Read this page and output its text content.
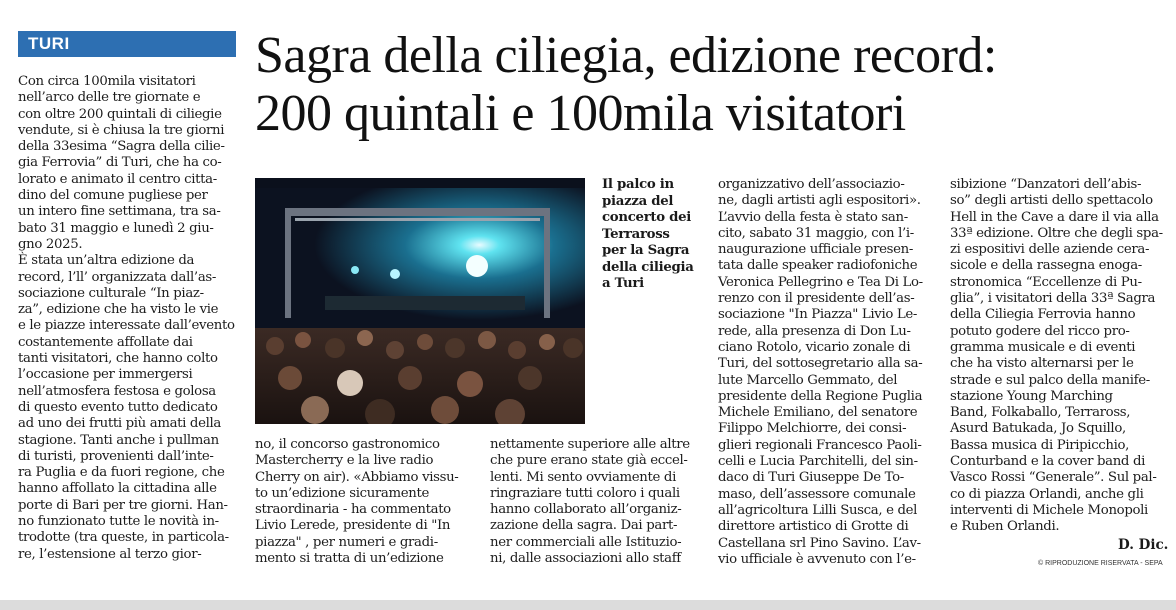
TURI	Sagra della ciliegia, edizione record:
200 quintali e 100mila visitatori
Con circa 100mila visitatori
nell’arco delle tre giornate e
con oltre 200 quintali di ciliegie
vendute, si è chiusa la tre giorni
della 33esima “Sagra della cilie-
gia Ferrovia” di Turi, che ha co-
lorato e animato il centro citta-
dino del comune pugliese per
un intero fine settimana, tra sa-
bato 31 maggio e lunedì 2 giu-
gno 2025.
È stata un’altra edizione da
record, l’ll’ organizzata dall’as-
sociazione culturale “In piaz-
za”, edizione che ha visto le vie
e le piazze interessate dall’evento
costantemente affollate dai
tanti visitatori, che hanno colto
l’occasione per immergersi
nell’atmosfera festosa e golosa
di questo evento tutto dedicato
ad uno dei frutti più amati della
stagione. Tanti anche i pullman
di turisti, provenienti dall’inte-
ra Puglia e da fuori regione, che
hanno affollato la cittadina alle
porte di Bari per tre giorni. Han-
no funzionato tutte le novità in-
trodotte (tra queste, in particola-
re, l’estensione al terzo gior-
Il palco in
piazza del
concerto dei
Terraross
per la Sagra
della ciliegia
a Turi
no, il concorso gastronomico
Mastercherry e la live radio
Cherry on air). «Abbiamo vissu-
to un’edizione sicuramente
straordinaria - ha commentato
Livio Lerede, presidente di "In
piazza" , per numeri e gradi-
mento si tratta di un’edizione
nettamente superiore alle altre
che pure erano state già eccel-
lenti. Mi sento ovviamente di
ringraziare tutti coloro i quali
hanno collaborato all’organiz-
zazione della sagra. Dai part-
ner commerciali alle Istituzio-
ni, dalle associazioni allo staff
organizzativo dell’associazio-
ne, dagli artisti agli espositori».
L’avvio della festa è stato san-
cito, sabato 31 maggio, con l’i-
naugurazione ufficiale presen-
tata dalle speaker radiofoniche
Veronica Pellegrino e Tea Di Lo-
renzo con il presidente dell’as-
sociazione "In Piazza" Livio Le-
rede, alla presenza di Don Lu-
ciano Rotolo, vicario zonale di
Turi, del sottosegretario alla sa-
lute Marcello Gemmato, del
presidente della Regione Puglia
Michele Emiliano, del senatore
Filippo Melchiorre, dei consi-
glieri regionali Francesco Paoli-
celli e Lucia Parchitelli, del sin-
daco di Turi Giuseppe De To-
maso, dell’assessore comunale
all’agricoltura Lilli Susca, e del
direttore artistico di Grotte di
Castellana srl Pino Savino. L’av-
vio ufficiale è avvenuto con l’e-
sibizione “Danzatori dell’abis-
so” degli artisti dello spettacolo
Hell in the Cave a dare il via alla
33ª edizione. Oltre che degli spa-
zi espositivi delle aziende cera-
sicole e della rassegna enoga-
stronomica “Eccellenze di Pu-
glia”, i visitatori della 33ª Sagra
della Ciliegia Ferrovia hanno
potuto godere del ricco pro-
gramma musicale e di eventi
che ha visto alternarsi per le
strade e sul palco della manife-
stazione Young Marching
Band, Folkaballo, Terraross,
Asurd Batukada, Jo Squillo,
Bassa musica di Piripicchio,
Conturband e la cover band di
Vasco Rossi “Generale”. Sul pal-
co di piazza Orlandi, anche gli
interventi di Michele Monopoli
e Ruben Orlandi.
D. Dic.
© RIPRODUZIONE RISERVATA - SEPA
